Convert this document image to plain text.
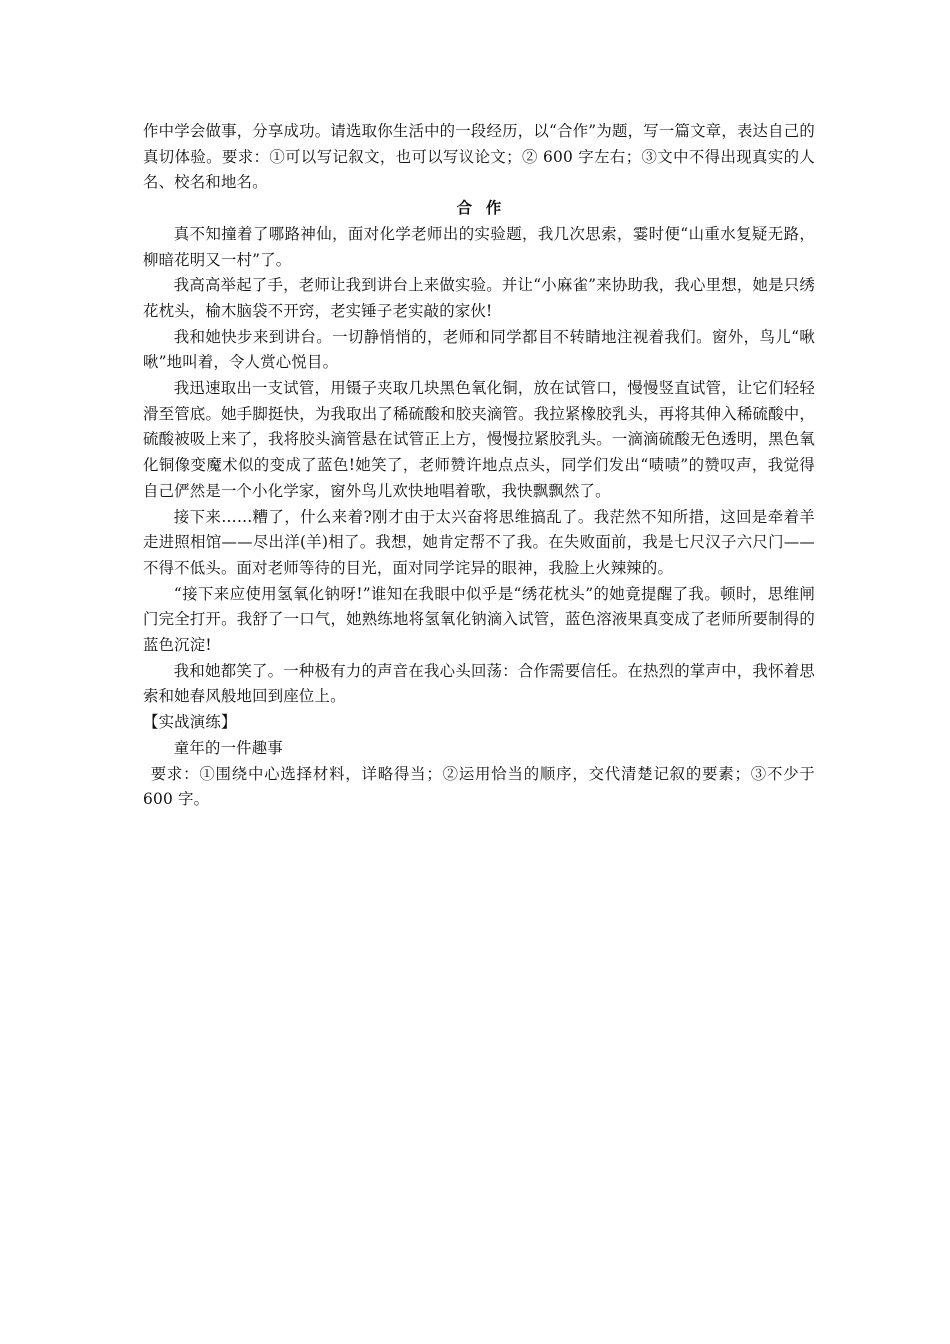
作中学会做事，分享成功。请选取你生活中的一段经历，以“合作”为题，写一篇文章，表达自己的真切体验。要求：①可以写记叙文，也可以写议论文；② 600 字左右；③文中不得出现真实的人名、校名和地名。

合作

真不知撞着了哪路神仙，面对化学老师出的实验题，我几次思索，霎时便“山重水复疑无路，柳暗花明又一村”了。

我高高举起了手，老师让我到讲台上来做实验。并让“小麻雀”来协助我，我心里想，她是只绣花枕头，榆木脑袋不开窍，老实锤子老实敲的家伙!

我和她快步来到讲台。一切静悄悄的，老师和同学都目不转睛地注视着我们。窗外，鸟儿“啾啾”地叫着，令人赏心悦目。

我迅速取出一支试管，用镊子夹取几块黑色氧化铜，放在试管口，慢慢竖直试管，让它们轻轻滑至管底。她手脚挺快，为我取出了稀硫酸和胶夹滴管。我拉紧橡胶乳头，再将其伸入稀硫酸中，硫酸被吸上来了，我将胶头滴管悬在试管正上方，慢慢拉紧胶乳头。一滴滴硫酸无色透明，黑色氧化铜像变魔术似的变成了蓝色!她笑了，老师赞许地点点头，同学们发出“啧啧”的赞叹声，我觉得自己俨然是一个小化学家，窗外鸟儿欢快地唱着歌，我快飘飘然了。

接下来……糟了，什么来着?刚才由于太兴奋将思维搞乱了。我茫然不知所措，这回是牵着羊走进照相馆——尽出洋(羊)相了。我想，她肯定帮不了我。在失败面前，我是七尺汉子六尺门——不得不低头。面对老师等待的目光，面对同学诧异的眼神，我脸上火辣辣的。

“接下来应使用氢氧化钠呀!”谁知在我眼中似乎是“绣花枕头”的她竟提醒了我。顿时，思维闸门完全打开。我舒了一口气，她熟练地将氢氧化钠滴入试管，蓝色溶液果真变成了老师所要制得的蓝色沉淀!

我和她都笑了。一种极有力的声音在我心头回荡：合作需要信任。在热烈的掌声中，我怀着思索和她春风般地回到座位上。

【实战演练】

童年的一件趣事

要求：①围绕中心选择材料，详略得当；②运用恰当的顺序，交代清楚记叙的要素；③不少于 600 字。
